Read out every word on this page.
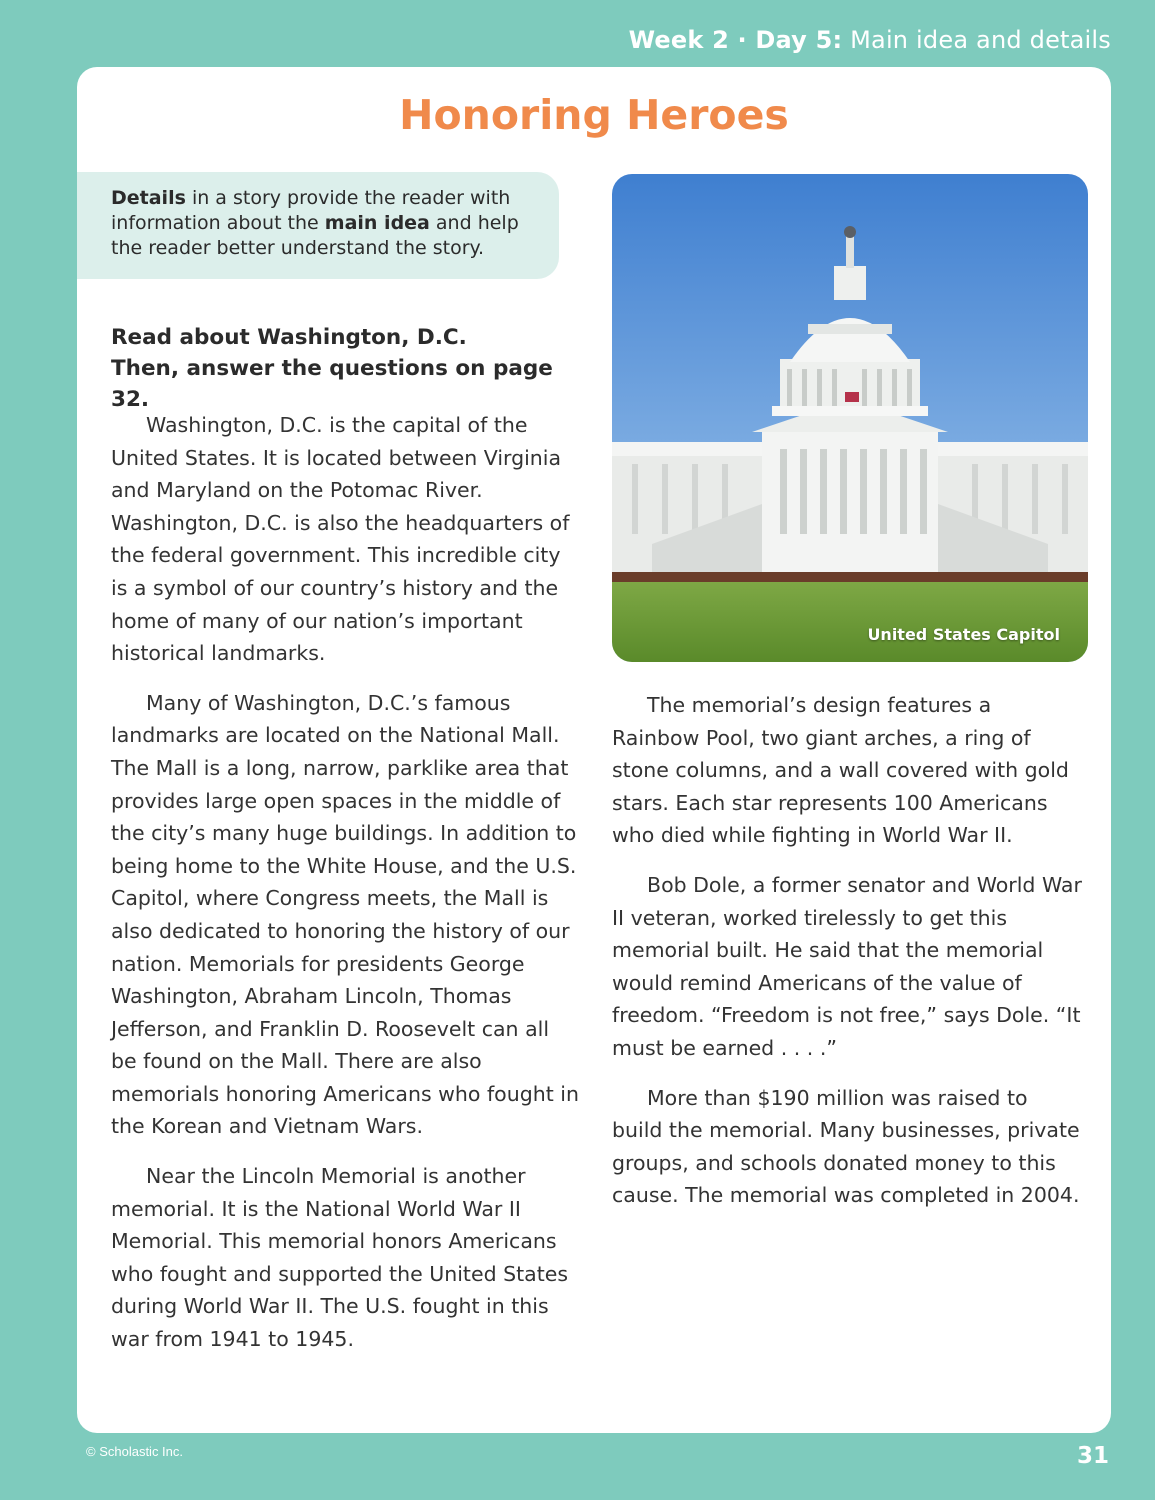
Week 2 · Day 5: Main idea and details
Honoring Heroes
Details in a story provide the reader with information about the main idea and help the reader better understand the story.
Read about Washington, D.C.
Then, answer the questions on page 32.

Washington, D.C. is the capital of the United States. It is located between Virginia and Maryland on the Potomac River. Washington, D.C. is also the headquarters of the federal government. This incredible city is a symbol of our country’s history and the home of many of our nation’s important historical landmarks.

Many of Washington, D.C.’s famous landmarks are located on the National Mall. The Mall is a long, narrow, parklike area that provides large open spaces in the middle of the city’s many huge buildings. In addition to being home to the White House, and the U.S. Capitol, where Congress meets, the Mall is also dedicated to honoring the history of our nation. Memorials for presidents George Washington, Abraham Lincoln, Thomas Jefferson, and Franklin D. Roosevelt can all be found on the Mall. There are also memorials honoring Americans who fought in the Korean and Vietnam Wars.

Near the Lincoln Memorial is another memorial. It is the National World War II Memorial. This memorial honors Americans who fought and supported the United States during World War II. The U.S. fought in this war from 1941 to 1945.

United States Capitol

The memorial’s design features a Rainbow Pool, two giant arches, a ring of stone columns, and a wall covered with gold stars. Each star represents 100 Americans who died while fighting in World War II.

Bob Dole, a former senator and World War II veteran, worked tirelessly to get this memorial built. He said that the memorial would remind Americans of the value of freedom. “Freedom is not free,” says Dole. “It must be earned . . . .”

More than $190 million was raised to build the memorial. Many businesses, private groups, and schools donated money to this cause. The memorial was completed in 2004.

© Scholastic Inc.	31
